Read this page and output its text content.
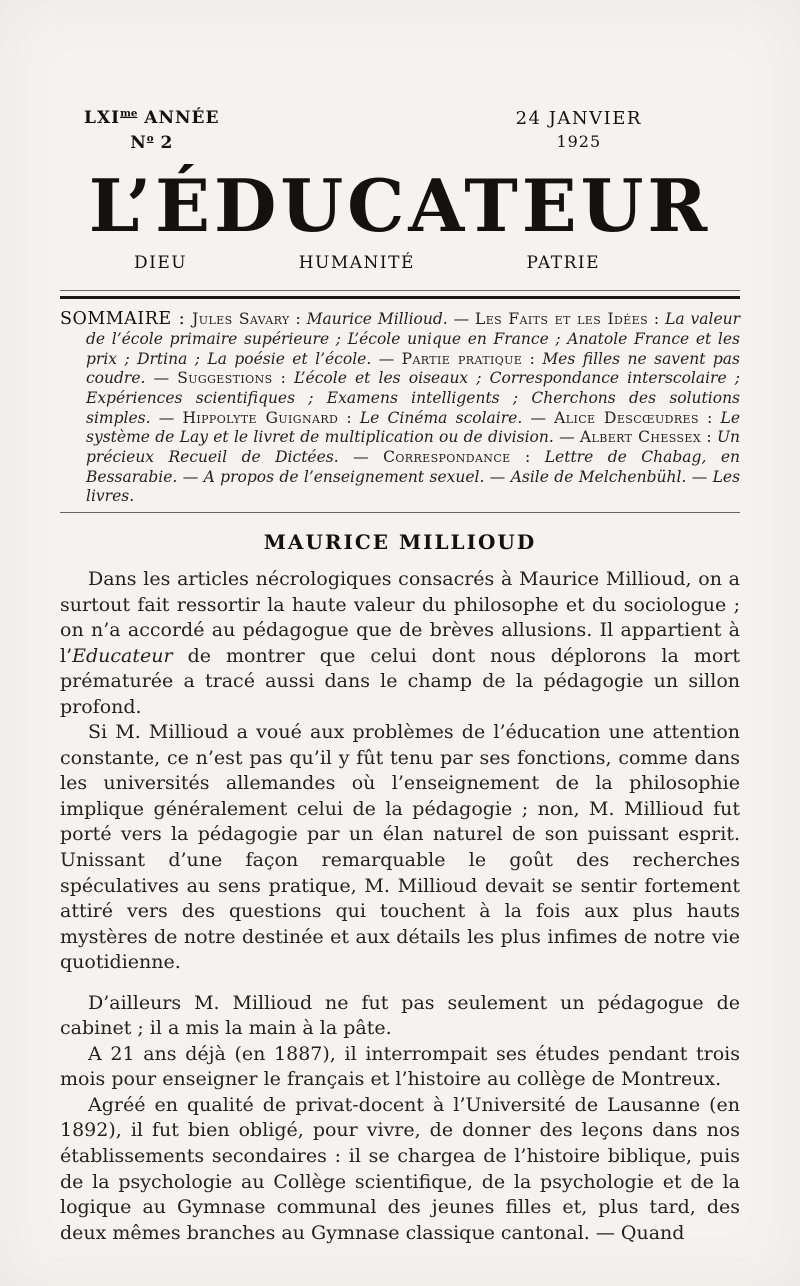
$LXI^{me}$ ANNÉE
$N^o$ 2
24 JANVIER
1925
L’ÉDUCATEUR
DIEU	HUMANITÉ	PATRIE

SOMMAIRE : Jules Savary : Maurice Millioud. — Les Faits et les Idées : La valeur de l’école primaire supérieure ; L’école unique en France ; Anatole France et les prix ; Drtina ; La poésie et l’école. — Partie pratique : Mes filles ne savent pas coudre. — Suggestions : L’école et les oiseaux ; Correspondance interscolaire ; Expériences scientifiques ; Examens intelligents ; Cherchons des solutions simples. — Hippolyte Guignard : Le Cinéma scolaire. — Alice Descœudres : Le système de Lay et le livret de multiplication ou de division. — Albert Chessex : Un précieux Recueil de Dictées. — Correspondance : Lettre de Chabag, en Bessarabie. — A propos de l’enseignement sexuel. — Asile de Melchenbühl. — Les livres.

MAURICE MILLIOUD

Dans les articles nécrologiques consacrés à Maurice Millioud, on a surtout fait ressortir la haute valeur du philosophe et du sociologue ; on n’a accordé au pédagogue que de brèves allusions. Il appartient à l’Educateur de montrer que celui dont nous déplorons la mort prématurée a tracé aussi dans le champ de la pédagogie un sillon profond.

Si M. Millioud a voué aux problèmes de l’éducation une attention constante, ce n’est pas qu’il y fût tenu par ses fonctions, comme dans les universités allemandes où l’enseignement de la philosophie implique généralement celui de la pédagogie ; non, M. Millioud fut porté vers la pédagogie par un élan naturel de son puissant esprit. Unissant d’une façon remarquable le goût des recherches spéculatives au sens pratique, M. Millioud devait se sentir fortement attiré vers des questions qui touchent à la fois aux plus hauts mystères de notre destinée et aux détails les plus infimes de notre vie quotidienne.

D’ailleurs M. Millioud ne fut pas seulement un pédagogue de cabinet ; il a mis la main à la pâte.

A 21 ans déjà (en 1887), il interrompait ses études pendant trois mois pour enseigner le français et l’histoire au collège de Montreux.

Agréé en qualité de privat-docent à l’Université de Lausanne (en 1892), il fut bien obligé, pour vivre, de donner des leçons dans nos établissements secondaires : il se chargea de l’histoire biblique, puis de la psychologie au Collège scientifique, de la psychologie et de la logique au Gymnase communal des jeunes filles et, plus tard, des deux mêmes branches au Gymnase classique cantonal. — Quand
